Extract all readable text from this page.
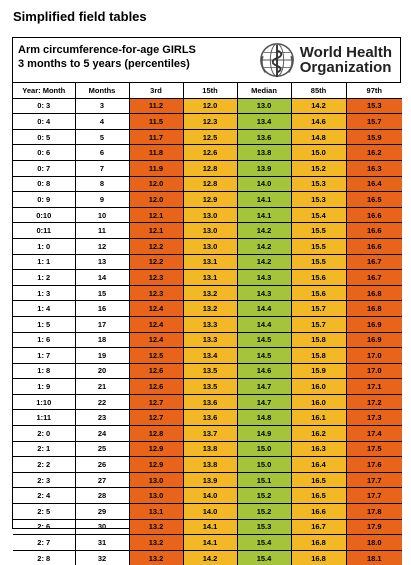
Simplified field tables
Arm circumference-for-age GIRLS
3 months to 5 years (percentiles)
World Health
Organization
Year: Month	Months	3rd	15th	Median	85th	97th
0: 3	3	11.2	12.0	13.0	14.2	15.3
0: 4	4	11.5	12.3	13.4	14.6	15.7
0: 5	5	11.7	12.5	13.6	14.8	15.9
0: 6	6	11.8	12.6	13.8	15.0	16.2
0: 7	7	11.9	12.8	13.9	15.2	16.3
0: 8	8	12.0	12.8	14.0	15.3	16.4
0: 9	9	12.0	12.9	14.1	15.3	16.5
0:10	10	12.1	13.0	14.1	15.4	16.6
0:11	11	12.1	13.0	14.2	15.5	16.6
1: 0	12	12.2	13.0	14.2	15.5	16.6
1: 1	13	12.2	13.1	14.2	15.5	16.7
1: 2	14	12.3	13.1	14.3	15.6	16.7
1: 3	15	12.3	13.2	14.3	15.6	16.8
1: 4	16	12.4	13.2	14.4	15.7	16.8
1: 5	17	12.4	13.3	14.4	15.7	16.9
1: 6	18	12.4	13.3	14.5	15.8	16.9
1: 7	19	12.5	13.4	14.5	15.8	17.0
1: 8	20	12.6	13.5	14.6	15.9	17.0
1: 9	21	12.6	13.5	14.7	16.0	17.1
1:10	22	12.7	13.6	14.7	16.0	17.2
1:11	23	12.7	13.6	14.8	16.1	17.3
2: 0	24	12.8	13.7	14.9	16.2	17.4
2: 1	25	12.9	13.8	15.0	16.3	17.5
2: 2	26	12.9	13.8	15.0	16.4	17.6
2: 3	27	13.0	13.9	15.1	16.5	17.7
2: 4	28	13.0	14.0	15.2	16.5	17.7
2: 5	29	13.1	14.0	15.2	16.6	17.8
2: 6	30	13.2	14.1	15.3	16.7	17.9
2: 7	31	13.2	14.1	15.4	16.8	18.0
2: 8	32	13.2	14.2	15.4	16.8	18.1
